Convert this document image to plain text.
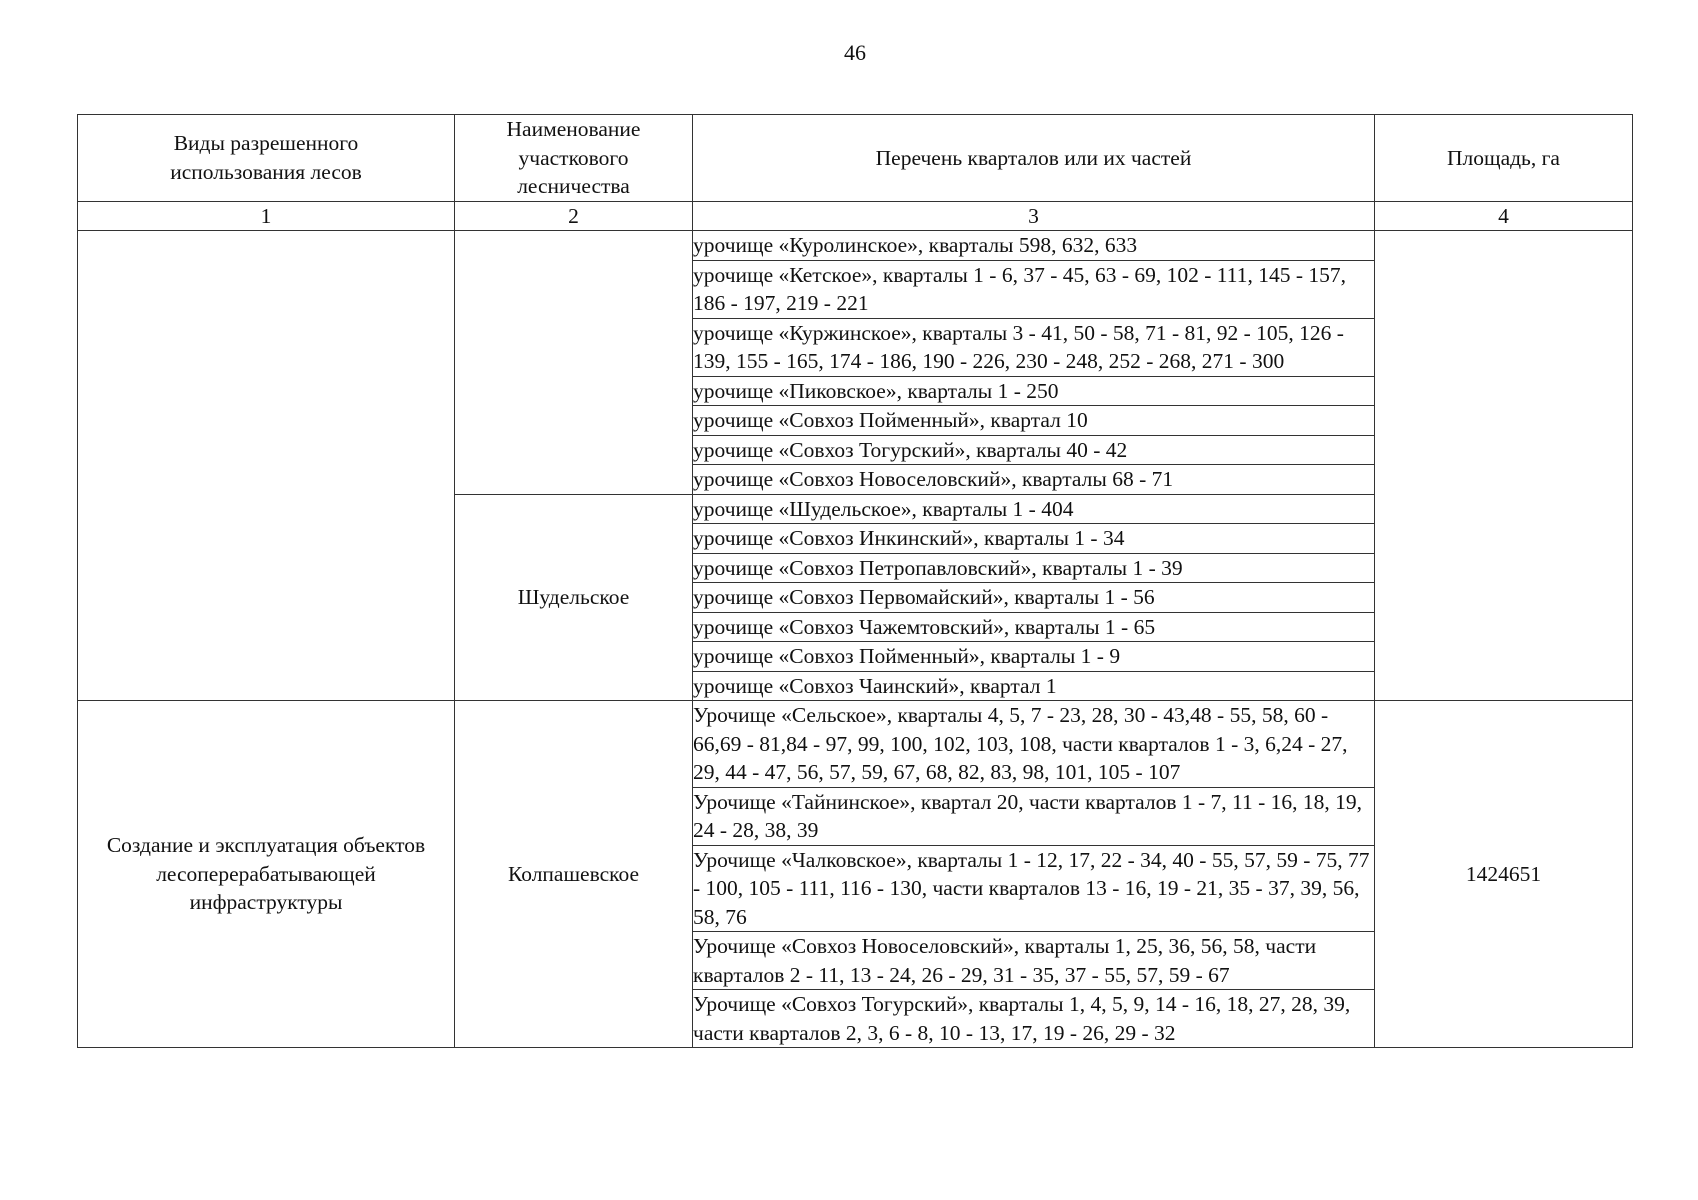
46
Виды разрешенного использования лесов	Наименование участкового лесничества	Перечень кварталов или их частей	Площадь, га
1	2	3	4
		урочище «Куролинское», кварталы 598, 632, 633	
		урочище «Кетское», кварталы 1 - 6, 37 - 45, 63 - 69, 102 - 111, 145 - 157, 186 - 197, 219 - 221	
		урочище «Куржинское», кварталы 3 - 41, 50 - 58, 71 - 81, 92 - 105, 126 - 139, 155 - 165, 174 - 186, 190 - 226, 230 - 248, 252 - 268, 271 - 300	
		урочище «Пиковское», кварталы 1 - 250	
		урочище «Совхоз Пойменный», квартал 10	
		урочище «Совхоз Тогурский», кварталы 40 - 42	
		урочище «Совхоз Новоселовский», кварталы 68 - 71	
	Шудельское	урочище «Шудельское», кварталы 1 - 404	
		урочище «Совхоз Инкинский», кварталы 1 - 34	
		урочище «Совхоз Петропавловский», кварталы 1 - 39	
		урочище «Совхоз Первомайский», кварталы 1 - 56	
		урочище «Совхоз Чажемтовский», кварталы 1 - 65	
		урочище «Совхоз Пойменный», кварталы 1 - 9	
		урочище «Совхоз Чаинский», квартал 1	
Создание и эксплуатация объектов лесоперерабатывающей инфраструктуры	Колпашевское	Урочище «Сельское», кварталы 4, 5, 7 - 23, 28, 30 - 43,48 - 55, 58, 60 - 66,69 - 81,84 - 97, 99, 100, 102, 103, 108, части кварталов 1 - 3, 6,24 - 27, 29, 44 - 47, 56, 57, 59, 67, 68, 82, 83, 98, 101, 105 - 107	1424651
		Урочище «Тайнинское», квартал 20, части кварталов 1 - 7, 11 - 16, 18, 19, 24 - 28, 38, 39	
		Урочище «Чалковское», кварталы 1 - 12, 17, 22 - 34, 40 - 55, 57, 59 - 75, 77 - 100, 105 - 111, 116 - 130, части кварталов 13 - 16, 19 - 21, 35 - 37, 39, 56, 58, 76	
		Урочище «Совхоз Новоселовский», кварталы 1, 25, 36, 56, 58, части кварталов 2 - 11, 13 - 24, 26 - 29, 31 - 35, 37 - 55, 57, 59 - 67	
		Урочище «Совхоз Тогурский», кварталы 1, 4, 5, 9, 14 - 16, 18, 27, 28, 39, части кварталов 2, 3, 6 - 8, 10 - 13, 17, 19 - 26, 29 - 32	
